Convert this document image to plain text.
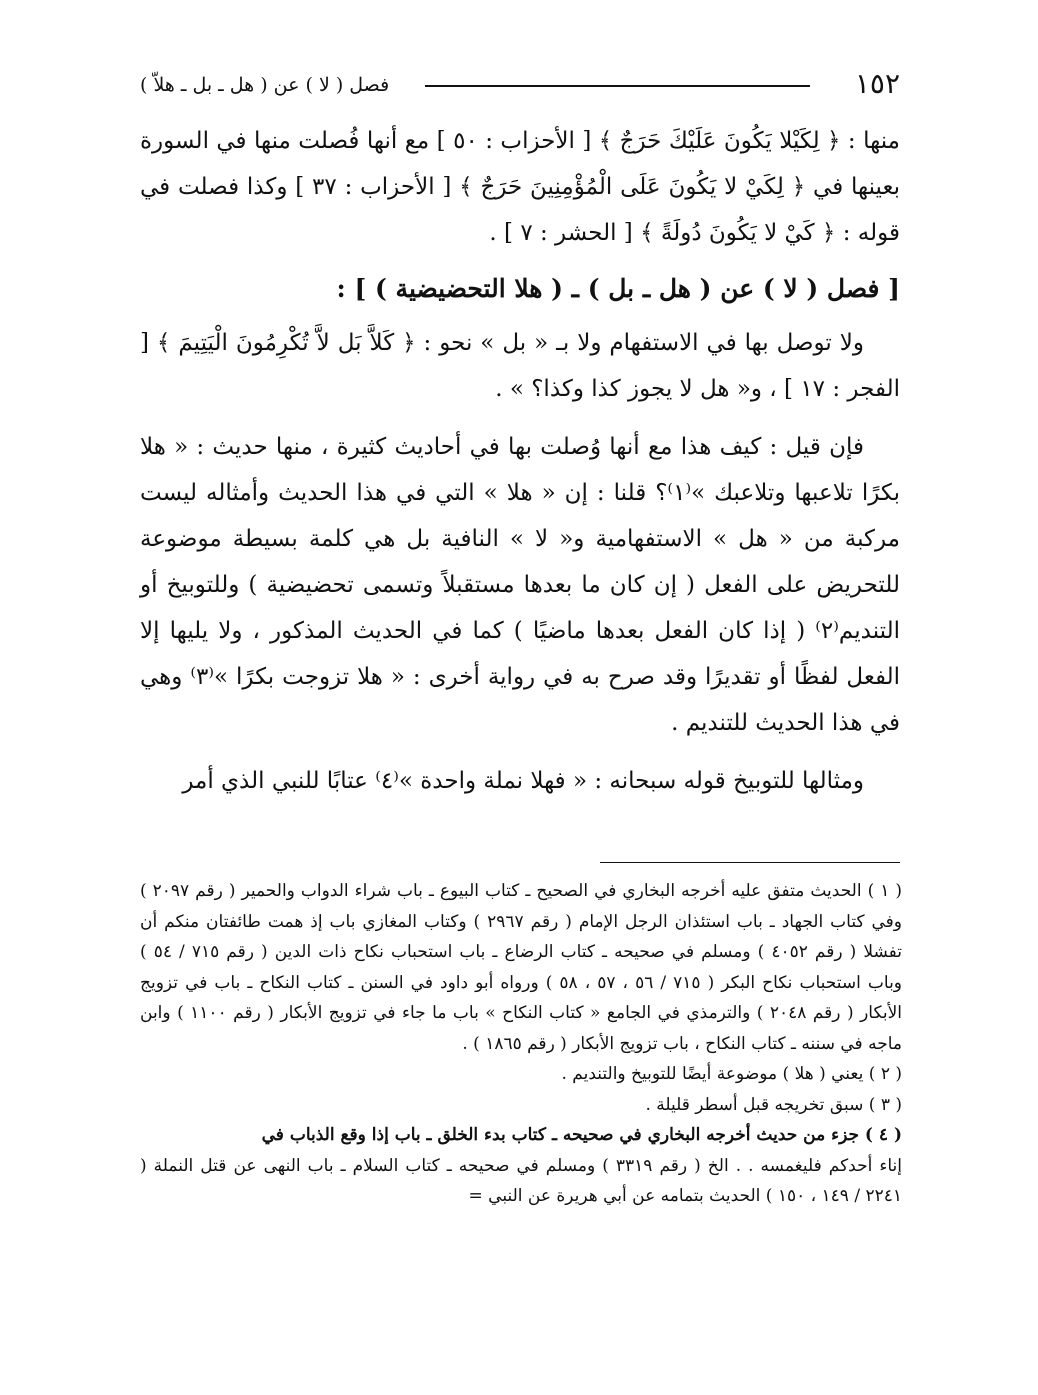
١٥٢
فصل ( لا ) عن ( هل ـ بل ـ هلاّ )

منها : ﴿ لِكَيْلا يَكُونَ عَلَيْكَ حَرَجٌ ﴾ [ الأحزاب : ٥٠ ] مع أنها فُصلت منها في السورة بعينها في ﴿ لِكَيْ لا يَكُونَ عَلَى الْمُؤْمِنِينَ حَرَجٌ ﴾ [ الأحزاب : ٣٧ ] وكذا فصلت في قوله : ﴿ كَيْ لا يَكُونَ دُولَةً ﴾ [ الحشر : ٧ ] .

[ فصل ( لا ) عن ( هل ـ بل ) ـ ( هلا التحضيضية ) ] :

ولا توصل بها في الاستفهام ولا بـ « بل » نحو : ﴿ كَلاَّ بَل لاَّ تُكْرِمُونَ الْيَتِيمَ ﴾ [ الفجر : ١٧ ] ، و« هل لا يجوز كذا وكذا؟ » .

فإن قيل : كيف هذا مع أنها وُصلت بها في أحاديث كثيرة ، منها حديث : « هلا بكرًا تلاعبها وتلاعبك »⁽١⁾؟ قلنا : إن « هلا » التي في هذا الحديث وأمثاله ليست مركبة من « هل » الاستفهامية و« لا » النافية بل هي كلمة بسيطة موضوعة للتحريض على الفعل ( إن كان ما بعدها مستقبلاً وتسمى تحضيضية ) وللتوبيخ أو التنديم⁽٢⁾ ( إذا كان الفعل بعدها ماضيًا ) كما في الحديث المذكور ، ولا يليها إلا الفعل لفظًا أو تقديرًا وقد صرح به في رواية أخرى : « هلا تزوجت بكرًا »⁽٣⁾ وهي في هذا الحديث للتنديم .

ومثالها للتوبيخ قوله سبحانه : « فهلا نملة واحدة »⁽٤⁾ عتابًا للنبي الذي أمر

( ١ ) الحديث متفق عليه أخرجه البخاري في الصحيح ـ كتاب البيوع ـ باب شراء الدواب والحمير ( رقم ٢٠٩٧ ) وفي كتاب الجهاد ـ باب استئذان الرجل الإمام ( رقم ٢٩٦٧ ) وكتاب المغازي باب إذ همت طائفتان منكم أن تفشلا ( رقم ٤٠٥٢ ) ومسلم في صحيحه ـ كتاب الرضاع ـ باب استحباب نكاح ذات الدين ( رقم ٧١٥ / ٥٤ ) وباب استحباب نكاح البكر ( ٧١٥ / ٥٦ ، ٥٧ ، ٥٨ ) ورواه أبو داود في السنن ـ كتاب النكاح ـ باب في تزويج الأبكار ( رقم ٢٠٤٨ ) والترمذي في الجامع « كتاب النكاح » باب ما جاء في تزويج الأبكار ( رقم ١١٠٠ ) وابن ماجه في سننه ـ كتاب النكاح ، باب تزويج الأبكار ( رقم ١٨٦٥ ) .

( ٢ ) يعني ( هلا ) موضوعة أيضًا للتوبيخ والتنديم .

( ٣ ) سبق تخريجه قبل أسطر قليلة .

( ٤ ) جزء من حديث أخرجه البخاري في صحيحه ـ كتاب بدء الخلق ـ باب إذا وقع الذباب في

إناء أحدكم فليغمسه . . الخ ( رقم ٣٣١٩ ) ومسلم في صحيحه ـ كتاب السلام ـ باب النهى عن قتل النملة ( ٢٢٤١ / ١٤٩ ، ١٥٠ ) الحديث بتمامه عن أبي هريرة عن النبي =
